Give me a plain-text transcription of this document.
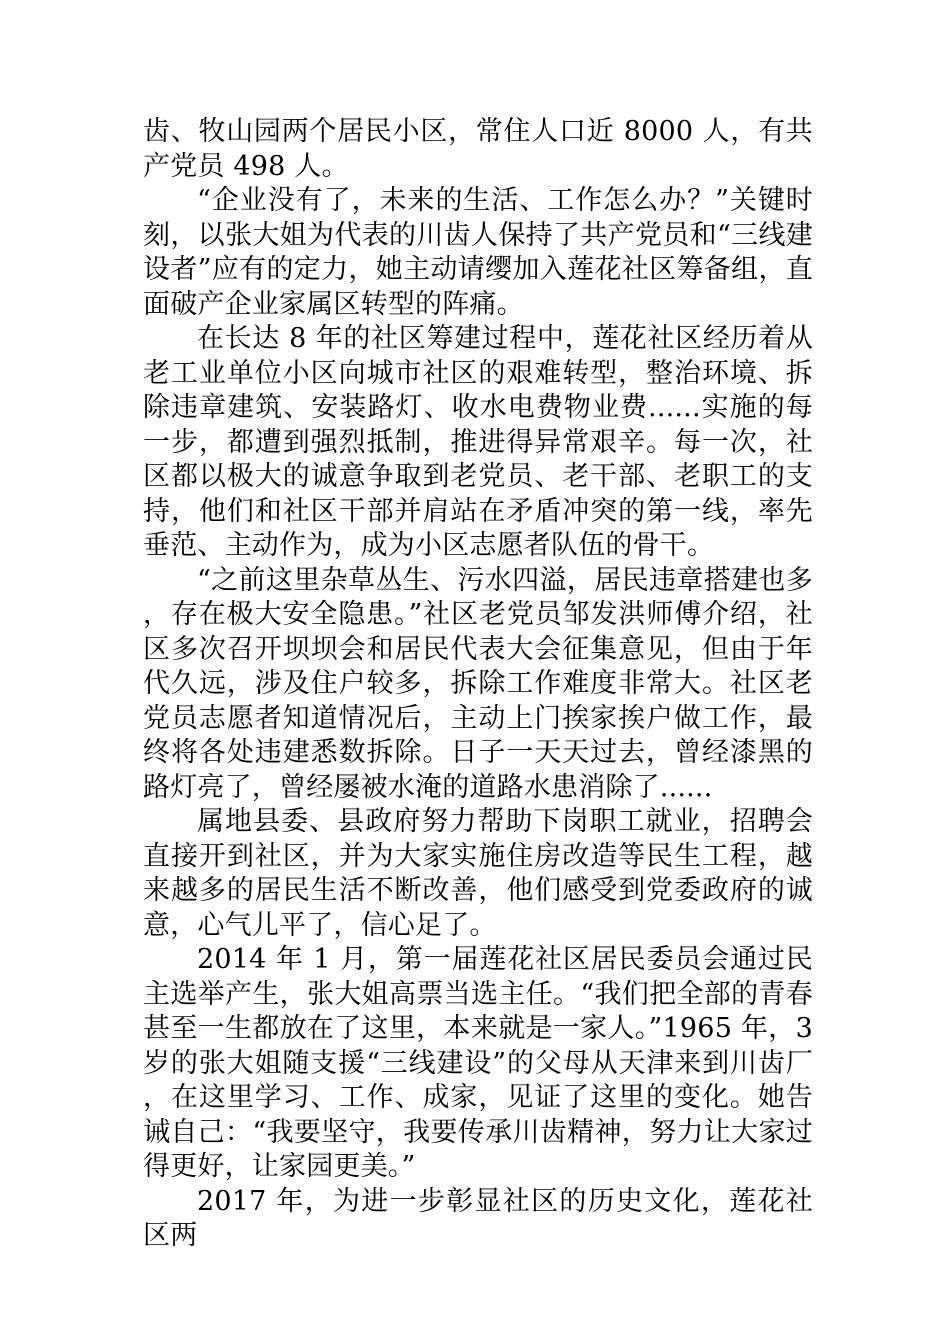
齿、牧山园两个居民小区，常住人口近 8000 人，有共产党员 498 人。

“企业没有了，未来的生活、工作怎么办？”关键时刻，以张大姐为代表的川齿人保持了共产党员和“三线建设者”应有的定力，她主动请缨加入莲花社区筹备组，直面破产企业家属区转型的阵痛。

在长达 8 年的社区筹建过程中，莲花社区经历着从老工业单位小区向城市社区的艰难转型，整治环境、拆除违章建筑、安装路灯、收水电费物业费......实施的每一步，都遭到强烈抵制，推进得异常艰辛。每一次，社区都以极大的诚意争取到老党员、老干部、老职工的支持，他们和社区干部并肩站在矛盾冲突的第一线，率先垂范、主动作为，成为小区志愿者队伍的骨干。

“之前这里杂草丛生、污水四溢，居民违章搭建也多，存在极大安全隐患。”社区老党员邹发洪师傅介绍，社区多次召开坝坝会和居民代表大会征集意见，但由于年代久远，涉及住户较多，拆除工作难度非常大。社区老党员志愿者知道情况后，主动上门挨家挨户做工作，最终将各处违建悉数拆除。日子一天天过去，曾经漆黑的路灯亮了，曾经屡被水淹的道路水患消除了......

属地县委、县政府努力帮助下岗职工就业，招聘会直接开到社区，并为大家实施住房改造等民生工程，越来越多的居民生活不断改善，他们感受到党委政府的诚意，心气儿平了，信心足了。

2014 年 1 月，第一届莲花社区居民委员会通过民主选举产生，张大姐高票当选主任。“我们把全部的青春甚至一生都放在了这里，本来就是一家人。”1965 年，3 岁的张大姐随支援“三线建设”的父母从天津来到川齿厂，在这里学习、工作、成家，见证了这里的变化。她告诫自己：“我要坚守，我要传承川齿精神，努力让大家过得更好，让家园更美。”

2017 年，为进一步彰显社区的历史文化，莲花社区两
